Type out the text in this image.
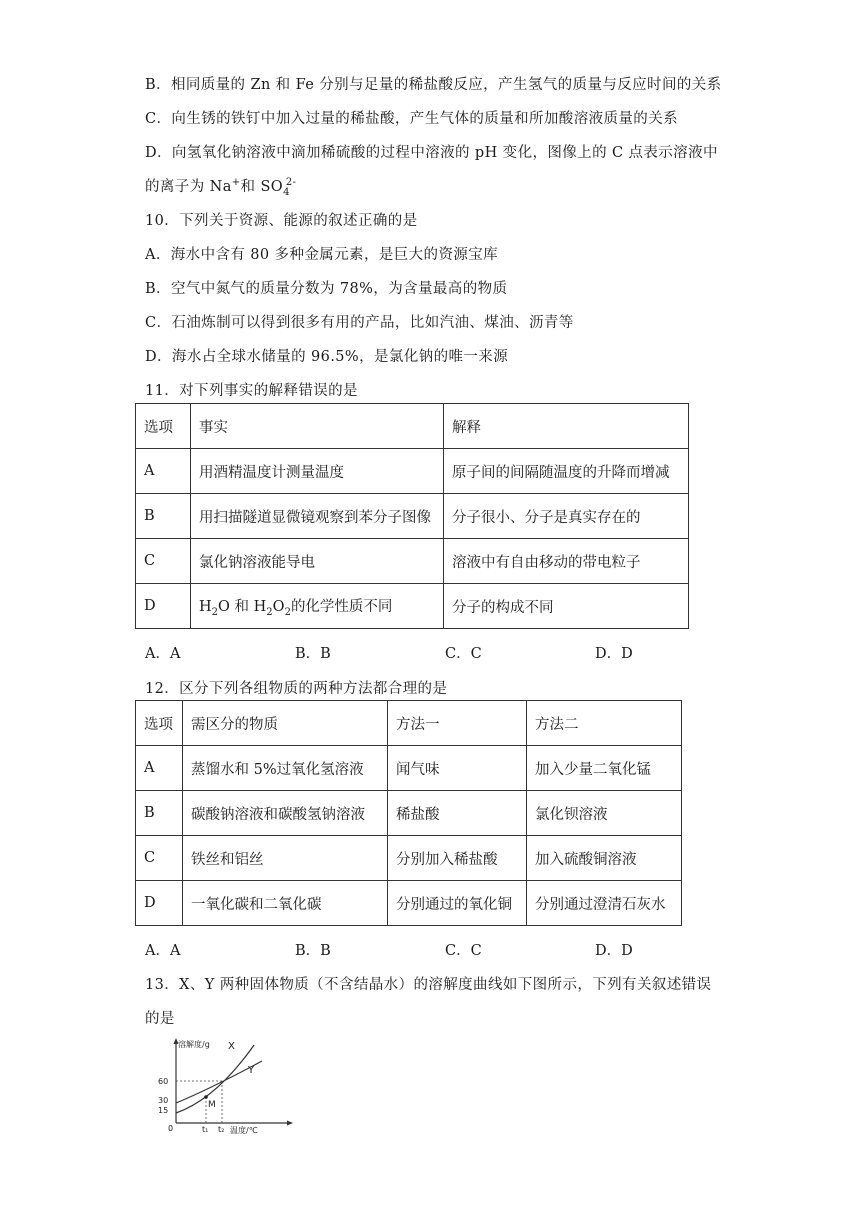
B．相同质量的 Zn 和 Fe 分别与足量的稀盐酸反应，产生氢气的质量与反应时间的关系
C．向生锈的铁钉中加入过量的稀盐酸，产生气体的质量和所加酸溶液质量的关系
D．向氢氧化钠溶液中滴加稀硫酸的过程中溶液的 pH 变化，图像上的 C 点表示溶液中
的离子为 Na+和 $SO_4^{2-}$
10．下列关于资源、能源的叙述正确的是
A．海水中含有 80 多种金属元素，是巨大的资源宝库
B．空气中氮气的质量分数为 78%，为含量最高的物质
C．石油炼制可以得到很多有用的产品，比如汽油、煤油、沥青等
D．海水占全球水储量的 96.5%，是氯化钠的唯一来源
11．对下列事实的解释错误的是
选项	事实	解释
A	用酒精温度计测量温度	原子间的间隔随温度的升降而增减
B	用扫描隧道显微镜观察到苯分子图像	分子很小、分子是真实存在的
C	氯化钠溶液能导电	溶液中有自由移动的带电粒子
D	$H_2O$ 和 $H_2O_2$的化学性质不同	分子的构成不同
A．A	B．B	C．C	D．D
12．区分下列各组物质的两种方法都合理的是
选项	需区分的物质	方法一	方法二
A	蒸馏水和 5%过氧化氢溶液	闻气味	加入少量二氧化锰
B	碳酸钠溶液和碳酸氢钠溶液	稀盐酸	氯化钡溶液
C	铁丝和铝丝	分别加入稀盐酸	加入硫酸铜溶液
D	一氧化碳和二氧化碳	分别通过的氧化铜	分别通过澄清石灰水
A．A	B．B	C．C	D．D
13．X、Y 两种固体物质（不含结晶水）的溶解度曲线如下图所示，下列有关叙述错误
的是
溶解度/g
温度/℃
X
Y
M
60
30
15
0	t₁ t₂
